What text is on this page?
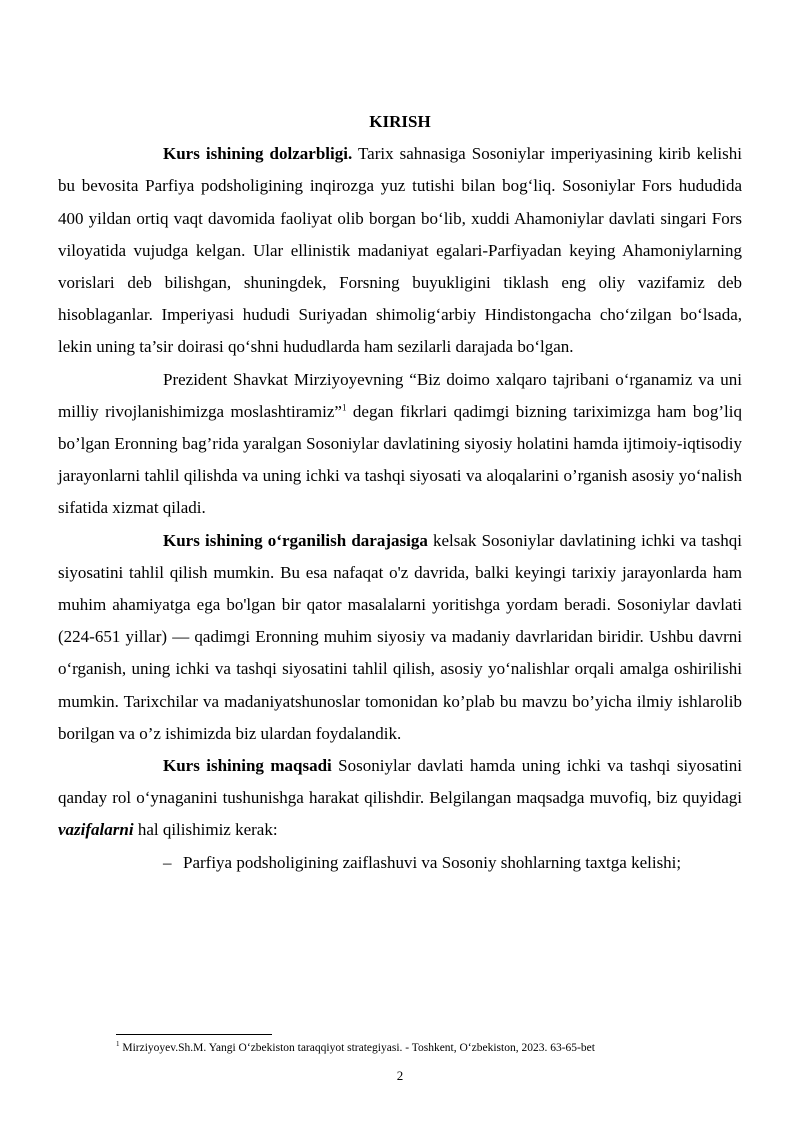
KIRISH

Kurs ishining dolzarbligi. Tarix sahnasiga Sosoniylar imperiyasining kirib kelishi bu bevosita Parfiya podsholigining inqirozga yuz tutishi bilan bog‘liq. Sosoniylar Fors hududida 400 yildan ortiq vaqt davomida faoliyat olib borgan bo‘lib, xuddi Ahamoniylar davlati singari Fors viloyatida vujudga kelgan. Ular ellinistik madaniyat egalari-Parfiyadan keying Ahamoniylarning vorislari deb bilishgan, shuningdek, Forsning buyukligini tiklash eng oliy vazifamiz deb hisoblaganlar. Imperiyasi hududi Suriyadan shimolig‘arbiy Hindistongacha cho‘zilgan bo‘lsada, lekin uning ta’sir doirasi qo‘shni hududlarda ham sezilarli darajada bo‘lgan.

Prezident Shavkat Mirziyoyevning “Biz doimo xalqaro tajribani o‘rganamiz va uni milliy rivojlanishimizga moslashtiramiz”$^1$ degan fikrlari qadimgi bizning tariximizga ham bog’liq bo’lgan Eronning bag’rida yaralgan Sosoniylar davlatining siyosiy holatini hamda ijtimoiy-iqtisodiy jarayonlarni tahlil qilishda va uning ichki va tashqi siyosati va aloqalarini o’rganish asosiy yo‘nalish sifatida xizmat qiladi.

Kurs ishining o‘rganilish darajasiga kelsak Sosoniylar davlatining ichki va tashqi siyosatini tahlil qilish mumkin. Bu esa nafaqat o'z davrida, balki keyingi tarixiy jarayonlarda ham muhim ahamiyatga ega bo'lgan bir qator masalalarni yoritishga yordam beradi. Sosoniylar davlati (224-651 yillar) — qadimgi Eronning muhim siyosiy va madaniy davrlaridan biridir. Ushbu davrni o‘rganish, uning ichki va tashqi siyosatini tahlil qilish, asosiy yo‘nalishlar orqali amalga oshirilishi mumkin. Tarixchilar va madaniyatshunoslar tomonidan ko’plab bu mavzu bo’yicha ilmiy ishlarolib borilgan va o’z ishimizda biz ulardan foydalandik.

Kurs ishining maqsadi Sosoniylar davlati hamda uning ichki va tashqi siyosatini qanday rol o‘ynaganini tushunishga harakat qilishdir. Belgilangan maqsadga muvofiq, biz quyidagi vazifalarni hal qilishimiz kerak:

– Parfiya podsholigining zaiflashuvi va Sosoniy shohlarning taxtga kelishi;
$^1$ Mirziyoyev.Sh.M. Yangi O‘zbekiston taraqqiyot strategiyasi. - Toshkent, O‘zbekiston, 2023. 63-65-bet
2
